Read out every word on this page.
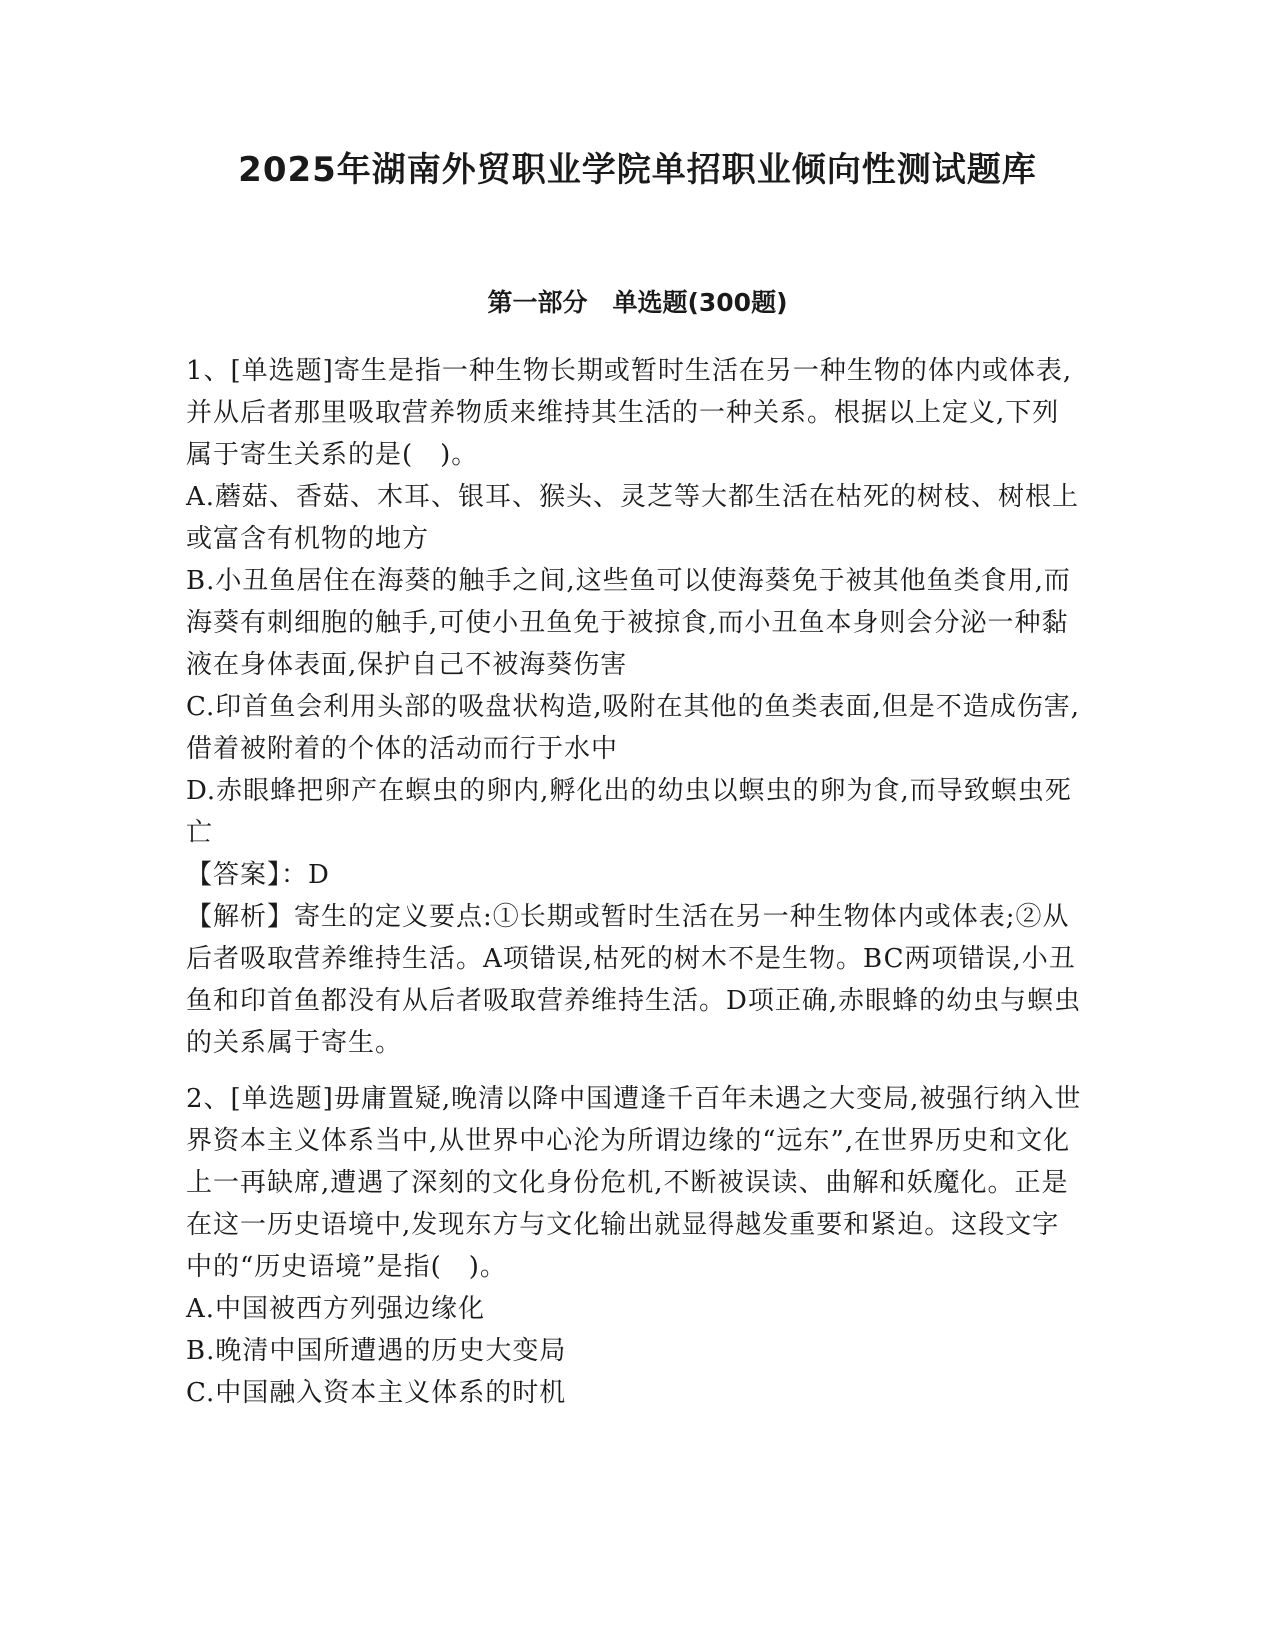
2025年湖南外贸职业学院单招职业倾向性测试题库
第一部分　单选题(300题)

1、[单选题]寄生是指一种生物长期或暂时生活在另一种生物的体内或体表,并从后者那里吸取营养物质来维持其生活的一种关系。根据以上定义,下列属于寄生关系的是(　)。

A.蘑菇、香菇、木耳、银耳、猴头、灵芝等大都生活在枯死的树枝、树根上或富含有机物的地方

B.小丑鱼居住在海葵的触手之间,这些鱼可以使海葵免于被其他鱼类食用,而海葵有刺细胞的触手,可使小丑鱼免于被掠食,而小丑鱼本身则会分泌一种黏液在身体表面,保护自己不被海葵伤害

C.印首鱼会利用头部的吸盘状构造,吸附在其他的鱼类表面,但是不造成伤害,借着被附着的个体的活动而行于水中

D.赤眼蜂把卵产在螟虫的卵内,孵化出的幼虫以螟虫的卵为食,而导致螟虫死亡

【答案】：D

【解析】寄生的定义要点:①长期或暂时生活在另一种生物体内或体表;②从后者吸取营养维持生活。A项错误,枯死的树木不是生物。BC两项错误,小丑鱼和印首鱼都没有从后者吸取营养维持生活。D项正确,赤眼蜂的幼虫与螟虫的关系属于寄生。

2、[单选题]毋庸置疑,晚清以降中国遭逢千百年未遇之大变局,被强行纳入世界资本主义体系当中,从世界中心沦为所谓边缘的“远东”,在世界历史和文化上一再缺席,遭遇了深刻的文化身份危机,不断被误读、曲解和妖魔化。正是在这一历史语境中,发现东方与文化输出就显得越发重要和紧迫。这段文字中的“历史语境”是指(　)。

A.中国被西方列强边缘化

B.晚清中国所遭遇的历史大变局

C.中国融入资本主义体系的时机
